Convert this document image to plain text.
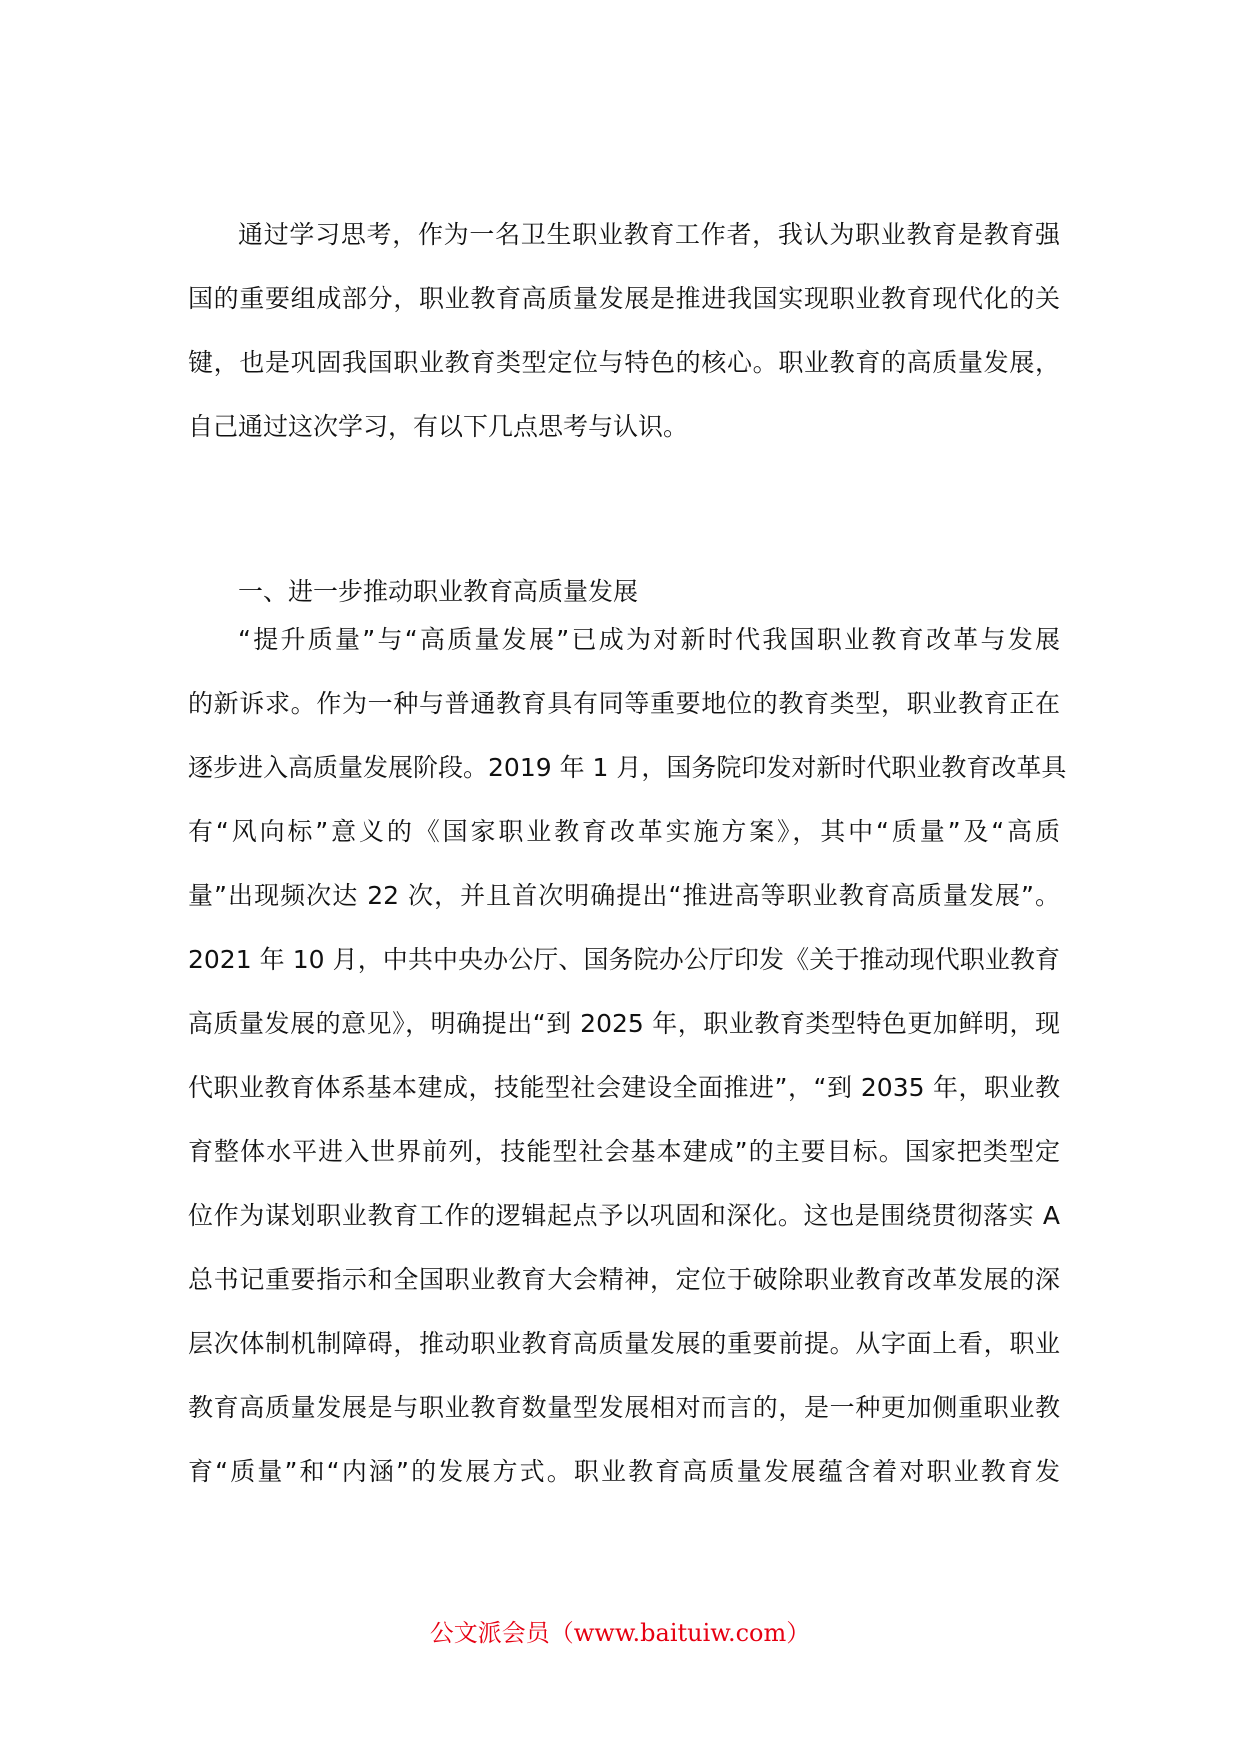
通过学习思考，作为一名卫生职业教育工作者，我认为职业教育是教育强
国的重要组成部分，职业教育高质量发展是推进我国实现职业教育现代化的关
键，也是巩固我国职业教育类型定位与特色的核心。职业教育的高质量发展，
自己通过这次学习，有以下几点思考与认识。
一、进一步推动职业教育高质量发展
“提升质量”与“高质量发展”已成为对新时代我国职业教育改革与发展
的新诉求。作为一种与普通教育具有同等重要地位的教育类型，职业教育正在
逐步进入高质量发展阶段。2019 年 1 月，国务院印发对新时代职业教育改革具
有“风向标”意义的《国家职业教育改革实施方案》，其中“质量”及“高质
量”出现频次达 22 次，并且首次明确提出“推进高等职业教育高质量发展”。
2021 年 10 月，中共中央办公厅、国务院办公厅印发《关于推动现代职业教育
高质量发展的意见》，明确提出“到 2025 年，职业教育类型特色更加鲜明，现
代职业教育体系基本建成，技能型社会建设全面推进”，“到 2035 年，职业教
育整体水平进入世界前列，技能型社会基本建成”的主要目标。国家把类型定
位作为谋划职业教育工作的逻辑起点予以巩固和深化。这也是围绕贯彻落实 A
总书记重要指示和全国职业教育大会精神，定位于破除职业教育改革发展的深
层次体制机制障碍，推动职业教育高质量发展的重要前提。从字面上看，职业
教育高质量发展是与职业教育数量型发展相对而言的，是一种更加侧重职业教
育“质量”和“内涵”的发展方式。职业教育高质量发展蕴含着对职业教育发
公文派会员（www.baituiw.com）
